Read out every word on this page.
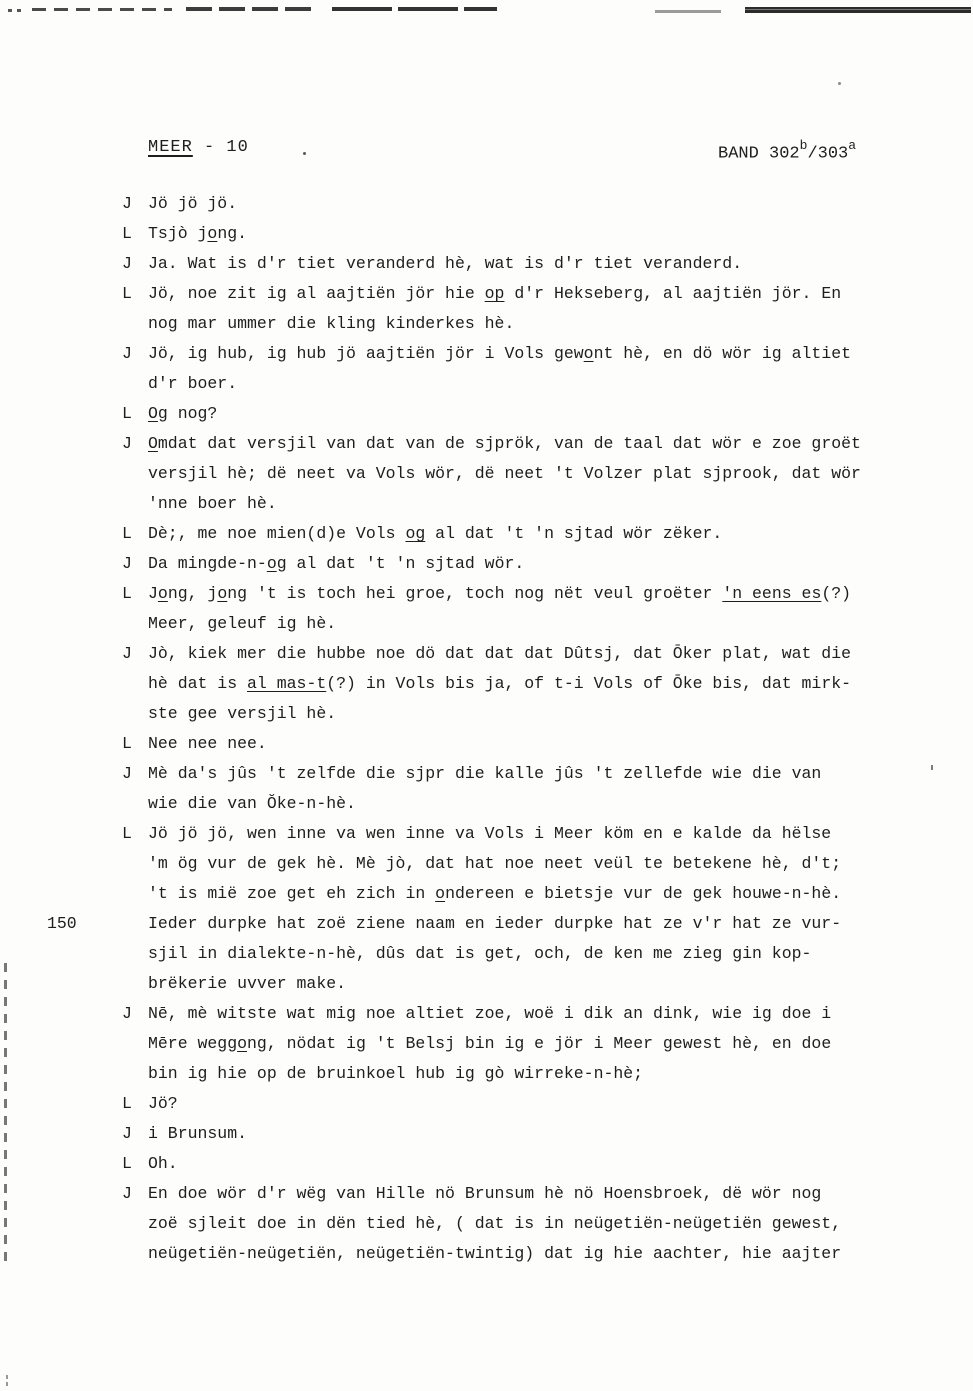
MEER - 10	BAND 302$^b$/303$^a$
J Jö jö jö.
L Tsjò jong.
J Ja. Wat is d'r tiet veranderd hè, wat is d'r tiet veranderd.
L Jö, noe zit ig al aajtiën jör hie op d'r Hekseberg, al aajtiën jör. En
nog mar ummer die kling kinderkes hè.
J Jö, ig hub, ig hub jö aajtiën jör i Vols gewont hè, en dö wör ig altiet
d'r boer.
L Og nog?
J Omdat dat versjil van dat van de sjprök, van de taal dat wör e zoe groët
versjil hè; dë neet va Vols wör, dë neet 't Volzer plat sjprook, dat wör
'nne boer hè.
L Dè;, me noe mien(d)e Vols og al dat 't 'n sjtad wör zëker.
J Da mingde-n-og al dat 't 'n sjtad wör.
L Jong, jong 't is toch hei groe, toch nog nët veul groëter 'n eens es(?)
Meer, geleuf ig hè.
J Jò, kiek mer die hubbe noe dö dat dat dat Dûtsj, dat Ōker plat, wat die
hè dat is al mas-t(?) in Vols bis ja, of t-i Vols of Ōke bis, dat mirk-
ste gee versjil hè.
L Nee nee nee.
J Mè da's jûs 't zelfde die sjpr die kalle jûs 't zellefde wie die van
wie die van Ŏke-n-hè.
L Jö jö jö, wen inne va wen inne va Vols i Meer köm en e kalde da hëlse
'm ög vur de gek hè. Mè jò, dat hat noe neet veül te betekene hè, d't;
't is mië zoe get eh zich in ondereen e bietsje vur de gek houwe-n-hè.
150	Ieder durpke hat zoë ziene naam en ieder durpke hat ze v'r hat ze vur-
sjil in dialekte-n-hè, dûs dat is get, och, de ken me zieg gin kop-
brëkerie uvver make.
J Nē, mè witste wat mig noe altiet zoe, woë i dik an dink, wie ig doe i
Mēre weggong, nödat ig 't Belsj bin ig e jör i Meer gewest hè, en doe
bin ig hie op de bruinkoel hub ig gò wirreke-n-hè;
L Jö?
J i Brunsum.
L Oh.
J En doe wör d'r wëg van Hille nö Brunsum hè nö Hoensbroek, dë wör nog
zoë sjleit doe in dën tied hè, ( dat is in neügetiën-neügetiën gewest,
neügetiën-neügetiën, neügetiën-twintig) dat ig hie aachter, hie aajter
